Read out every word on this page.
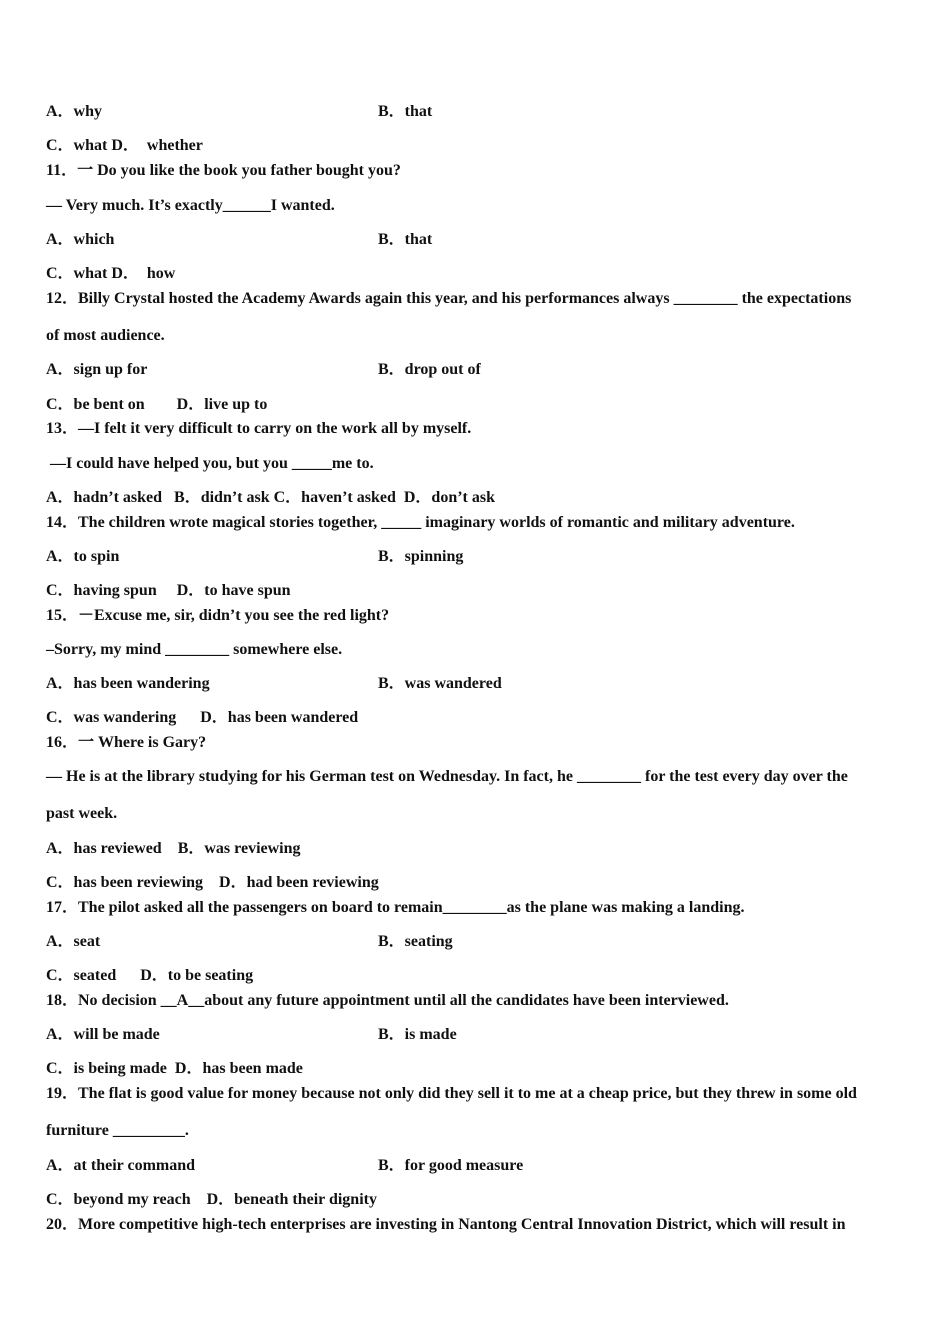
A．why	B．that
C．what D．  whether
11．一 Do you like the book you father bought you?
— Very much. It’s exactly______I wanted.
A．which	B．that
C．what D．  how
12．Billy Crystal hosted the Academy Awards again this year, and his performances always ________ the expectations
of most audience.
A．sign up for	B．drop out of
C．be bent on        D．live up to
13．—I felt it very difficult to carry on the work all by myself.
—I could have helped you, but you _____me to.
A．hadn’t asked   B．didn’t ask C．haven’t asked  D．don’t ask
14．The children wrote magical stories together, _____ imaginary worlds of romantic and military adventure.
A．to spin	B．spinning
C．having spun     D．to have spun
15．－Excuse me, sir, didn’t you see the red light?
–Sorry, my mind ________ somewhere else.
A．has been wandering	B．was wandered
C．was wandering      D．has been wandered
16．一 Where is Gary?
— He is at the library studying for his German test on Wednesday. In fact, he ________ for the test every day over the
past week.
A．has reviewed    B．was reviewing
C．has been reviewing    D．had been reviewing
17．The pilot asked all the passengers on board to remain________as the plane was making a landing.
A．seat	B．seating
C．seated      D．to be seating
18．No decision __A__about any future appointment until all the candidates have been interviewed.
A．will be made	B．is made
C．is being made  D．has been made
19．The flat is good value for money because not only did they sell it to me at a cheap price, but they threw in some old
furniture _________.
A．at their command	B．for good measure
C．beyond my reach    D．beneath their dignity
20．More competitive high-tech enterprises are investing in Nantong Central Innovation District, which will result in
